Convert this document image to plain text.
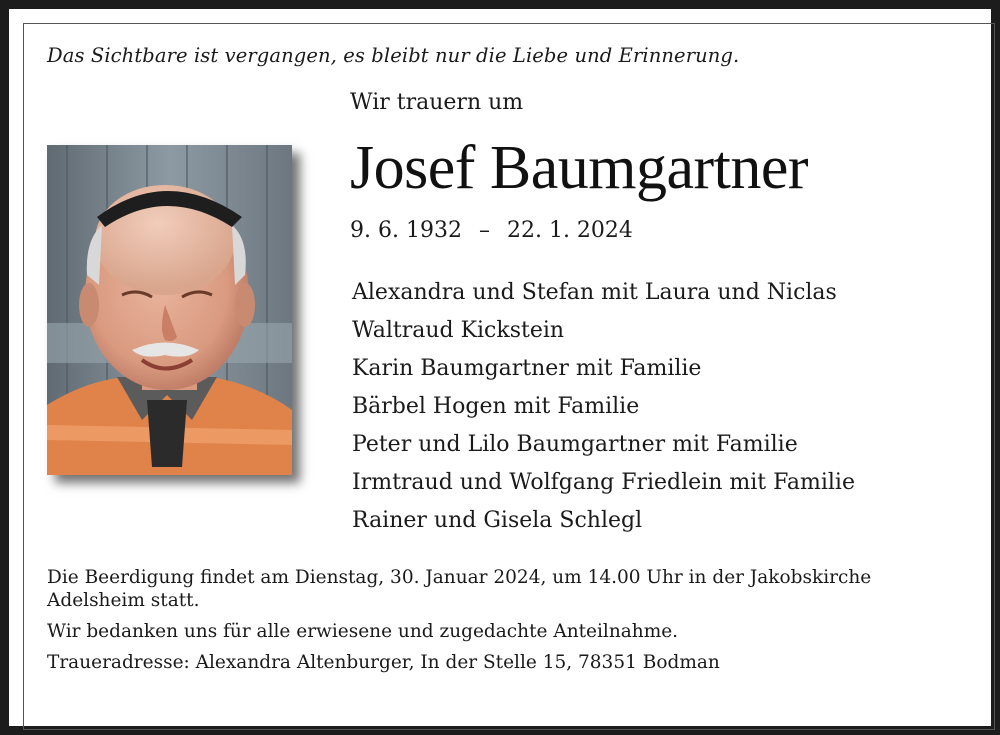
Das Sichtbare ist vergangen, es bleibt nur die Liebe und Erinnerung.
Wir trauern um
Josef Baumgartner
9. 6. 1932 – 22. 1. 2024
Alexandra und Stefan mit Laura und Niclas
Waltraud Kickstein
Karin Baumgartner mit Familie
Bärbel Hogen mit Familie
Peter und Lilo Baumgartner mit Familie
Irmtraud und Wolfgang Friedlein mit Familie
Rainer und Gisela Schlegl

Die Beerdigung findet am Dienstag, 30. Januar 2024, um 14.00 Uhr in der Jakobskirche Adelsheim statt.

Wir bedanken uns für alle erwiesene und zugedachte Anteilnahme.

Traueradresse: Alexandra Altenburger, In der Stelle 15, 78351 Bodman
